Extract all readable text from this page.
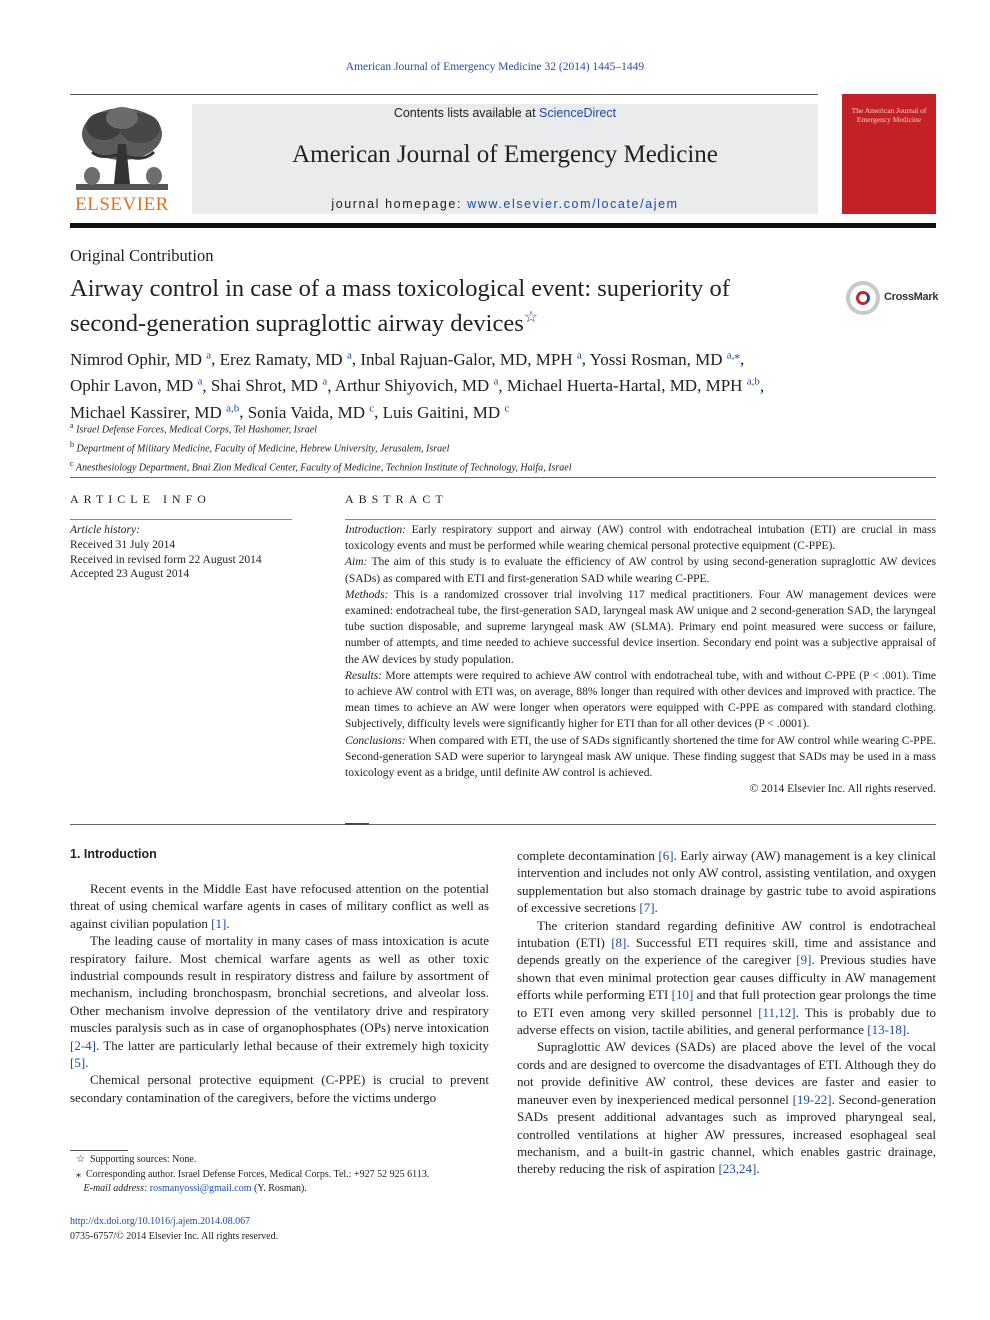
American Journal of Emergency Medicine 32 (2014) 1445–1449
ELSEVIER
Contents lists available at ScienceDirect
American Journal of Emergency Medicine
journal homepage: www.elsevier.com/locate/ajem
The American Journal of Emergency Medicine
Original Contribution
Airway control in case of a mass toxicological event: superiority of second-generation supraglottic airway devices☆
CrossMark
Nimrod Ophir, MD $^a$, Erez Ramaty, MD $^a$, Inbal Rajuan-Galor, MD, MPH $^a$, Yossi Rosman, MD $^{a,⁎}$,
Ophir Lavon, MD $^a$, Shai Shrot, MD $^a$, Arthur Shiyovich, MD $^a$, Michael Huerta-Hartal, MD, MPH $^{a,b}$,
Michael Kassirer, MD $^{a,b}$, Sonia Vaida, MD $^c$, Luis Gaitini, MD $^c$
$^a$ Israel Defense Forces, Medical Corps, Tel Hashomer, Israel
$^b$ Department of Military Medicine, Faculty of Medicine, Hebrew University, Jerusalem, Israel
$^c$ Anesthesiology Department, Bnai Zion Medical Center, Faculty of Medicine, Technion Institute of Technology, Haifa, Israel
ARTICLE INFO
Article history:
Received 31 July 2014
Received in revised form 22 August 2014
Accepted 23 August 2014
ABSTRACT

Introduction: Early respiratory support and airway (AW) control with endotracheal intubation (ETI) are crucial in mass toxicology events and must be performed while wearing chemical personal protective equipment (C-PPE).

Aim: The aim of this study is to evaluate the efficiency of AW control by using second-generation supraglottic AW devices (SADs) as compared with ETI and first-generation SAD while wearing C-PPE.

Methods: This is a randomized crossover trial involving 117 medical practitioners. Four AW management devices were examined: endotracheal tube, the first-generation SAD, laryngeal mask AW unique and 2 second-generation SAD, the laryngeal tube suction disposable, and supreme laryngeal mask AW (SLMA). Primary end point measured were success or failure, number of attempts, and time needed to achieve successful device insertion. Secondary end point was a subjective appraisal of the AW devices by study population.

Results: More attempts were required to achieve AW control with endotracheal tube, with and without C-PPE (P < .001). Time to achieve AW control with ETI was, on average, 88% longer than required with other devices and improved with practice. The mean times to achieve an AW were longer when operators were equipped with C-PPE as compared with standard clothing. Subjectively, difficulty levels were significantly higher for ETI than for all other devices (P < .0001).

Conclusions: When compared with ETI, the use of SADs significantly shortened the time for AW control while wearing C-PPE. Second-generation SAD were superior to laryngeal mask AW unique. These finding suggest that SADs may be used in a mass toxicology event as a bridge, until definite AW control is achieved.

© 2014 Elsevier Inc. All rights reserved.

1. Introduction

Recent events in the Middle East have refocused attention on the potential threat of using chemical warfare agents in cases of military conflict as well as against civilian population [1].

The leading cause of mortality in many cases of mass intoxication is acute respiratory failure. Most chemical warfare agents as well as other toxic industrial compounds result in respiratory distress and failure by assortment of mechanism, including bronchospasm, bronchial secretions, and alveolar loss. Other mechanism involve depression of the ventilatory drive and respiratory muscles paralysis such as in case of organophosphates (OPs) nerve intoxication [2-4]. The latter are particularly lethal because of their extremely high toxicity [5].

Chemical personal protective equipment (C-PPE) is crucial to prevent secondary contamination of the caregivers, before the victims undergo

complete decontamination [6]. Early airway (AW) management is a key clinical intervention and includes not only AW control, assisting ventilation, and oxygen supplementation but also stomach drainage by gastric tube to avoid aspirations of excessive secretions [7].

The criterion standard regarding definitive AW control is endotracheal intubation (ETI) [8]. Successful ETI requires skill, time and assistance and depends greatly on the experience of the caregiver [9]. Previous studies have shown that even minimal protection gear causes difficulty in AW management efforts while performing ETI [10] and that full protection gear prolongs the time to ETI even among very skilled personnel [11,12]. This is probably due to adverse effects on vision, tactile abilities, and general performance [13-18].

Supraglottic AW devices (SADs) are placed above the level of the vocal cords and are designed to overcome the disadvantages of ETI. Although they do not provide definitive AW control, these devices are faster and easier to maneuver even by inexperienced medical personnel [19-22]. Second-generation SADs present additional advantages such as improved pharyngeal seal, controlled ventilations at higher AW pressures, increased esophageal seal mechanism, and a built-in gastric channel, which enables gastric drainage, thereby reducing the risk of aspiration [23,24].

☆ Supporting sources: None.
⁎ Corresponding author. Israel Defense Forces, Medical Corps. Tel.: +927 52 925 6113.
E-mail address: rosmanyossi@gmail.com (Y. Rosman).
http://dx.doi.org/10.1016/j.ajem.2014.08.067
0735-6757/© 2014 Elsevier Inc. All rights reserved.
